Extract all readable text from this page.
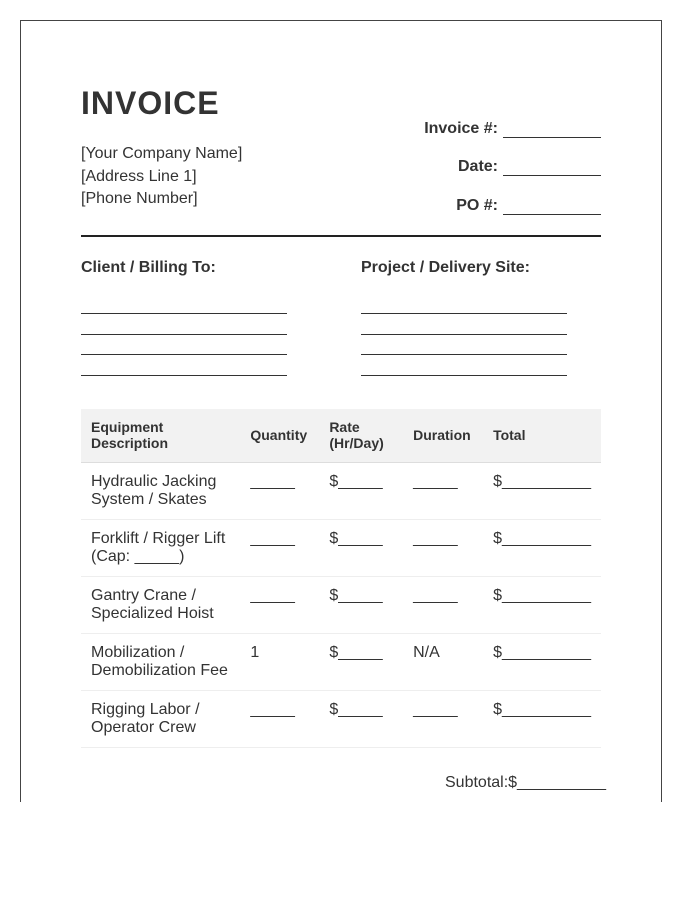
INVOICE
[Your Company Name]
[Address Line 1]
[Phone Number]
Invoice #:
Date:
PO #:
Client / Billing To:	Project / Delivery Site:
Equipment Description	Quantity	Rate (Hr/Day)	Duration	Total
Hydraulic Jacking System / Skates	_____	$_____	_____	$__________
Forklift / Rigger Lift (Cap: _____)	_____	$_____	_____	$__________
Gantry Crane / Specialized Hoist	_____	$_____	_____	$__________
Mobilization / Demobilization Fee	1	$_____	N/A	$__________
Rigging Labor / Operator Crew	_____	$_____	_____	$__________
Subtotal:$__________
